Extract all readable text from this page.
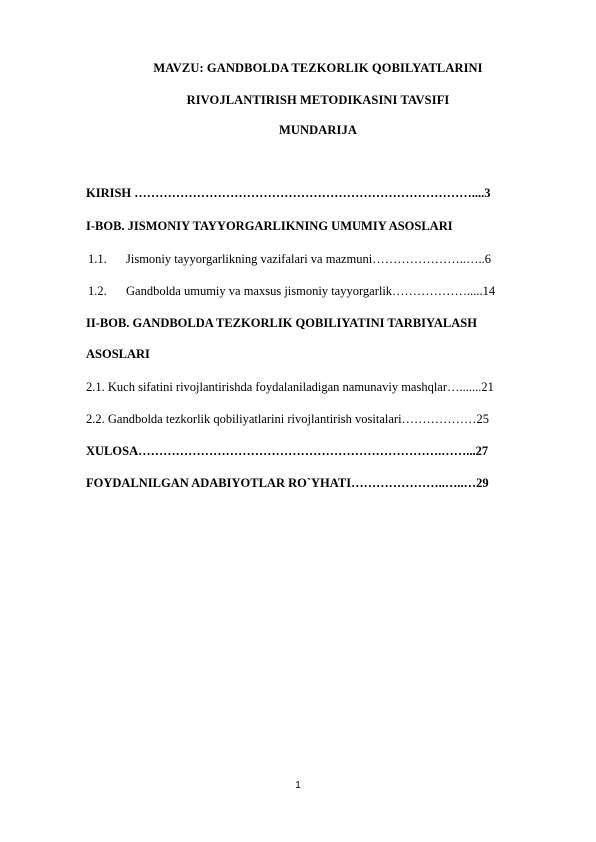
MAVZU: GANDBOLDA TEZKORLIK QOBILYATLARINI
RIVOJLANTIRISH METODIKASINI TAVSIFI
MUNDARIJA
KIRISH ………………………………………………………………………....3
I-BOB. JISMONIY TAYYORGARLIKNING UMUMIY ASOSLARI
1.1. Jismoniy tayyorgarlikning vazifalari va mazmuni…………………..…..6
1.2. Gandbolda umumiy va maxsus jismoniy tayyorgarlik……………….....14
II-BOB. GANDBOLDA TEZKORLIK QOBILIYATINI TARBIYALASH
ASOSLARI
2.1. Kuch sifatini rivojlantirishda foydalaniladigan namunaviy mashqlar….......21
2.2. Gandbolda tezkorlik qobiliyatlarini rivojlantirish vositalari………………25
XULOSA……………………………………………………………….……...27
FOYDALNILGAN ADABIYOTLAR RO`YHATI…………………..…..…29
1
